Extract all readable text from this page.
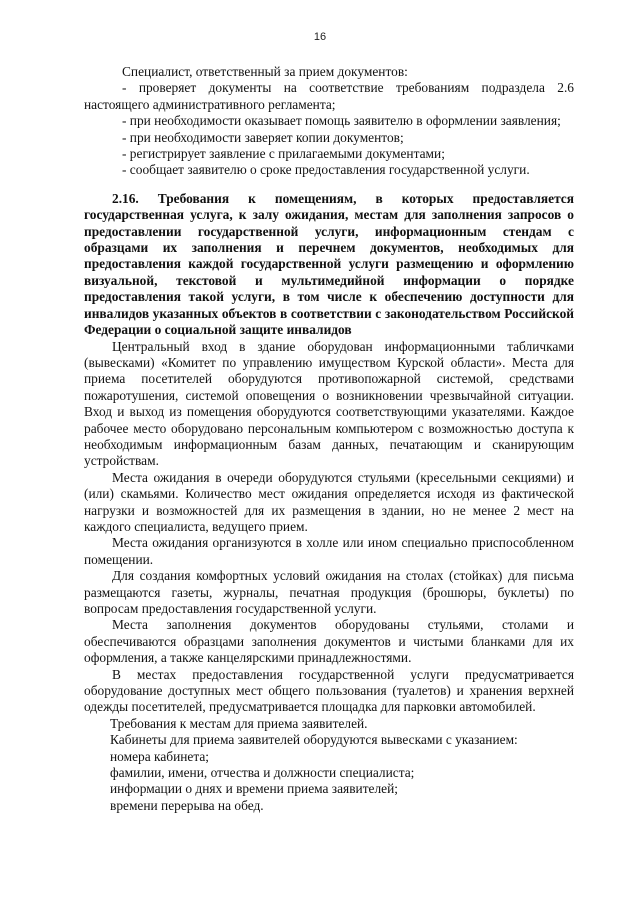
16

Специалист, ответственный за прием документов:

- проверяет документы на соответствие требованиям подраздела 2.6 настоящего административного регламента;

- при необходимости оказывает помощь заявителю в оформлении заявления;

- при необходимости заверяет копии документов;

- регистрирует заявление с прилагаемыми документами;

- сообщает заявителю о сроке предоставления государственной услуги.

2.16. Требования к помещениям, в которых предоставляется государственная услуга, к залу ожидания, местам для заполнения запросов о предоставлении государственной услуги, информационным стендам с образцами их заполнения и перечнем документов, необходимых для предоставления каждой государственной услуги размещению и оформлению визуальной, текстовой и мультимедийной информации о порядке предоставления такой услуги, в том числе к обеспечению доступности для инвалидов указанных объектов в соответствии с законодательством Российской Федерации о социальной защите инвалидов

Центральный вход в здание оборудован информационными табличками (вывесками) «Комитет по управлению имуществом Курской области». Места для приема посетителей оборудуются противопожарной системой, средствами пожаротушения, системой оповещения о возникновении чрезвычайной ситуации. Вход и выход из помещения оборудуются соответствующими указателями. Каждое рабочее место оборудовано персональным компьютером с возможностью доступа к необходимым информационным базам данных, печатающим и сканирующим устройствам.

Места ожидания в очереди оборудуются стульями (кресельными секциями) и (или) скамьями. Количество мест ожидания определяется исходя из фактической нагрузки и возможностей для их размещения в здании, но не менее 2 мест на каждого специалиста, ведущего прием.

Места ожидания организуются в холле или ином специально приспособленном помещении.

Для создания комфортных условий ожидания на столах (стойках) для письма размещаются газеты, журналы, печатная продукция (брошюры, буклеты) по вопросам предоставления государственной услуги.

Места заполнения документов оборудованы стульями, столами и обеспечиваются образцами заполнения документов и чистыми бланками для их оформления, а также канцелярскими принадлежностями.

В местах предоставления государственной услуги предусматривается оборудование доступных мест общего пользования (туалетов) и хранения верхней одежды посетителей, предусматривается площадка для парковки автомобилей.

Требования к местам для приема заявителей.

Кабинеты для приема заявителей оборудуются вывесками с указанием:

номера кабинета;

фамилии, имени, отчества и должности специалиста;

информации о днях и времени приема заявителей;

времени перерыва на обед.
